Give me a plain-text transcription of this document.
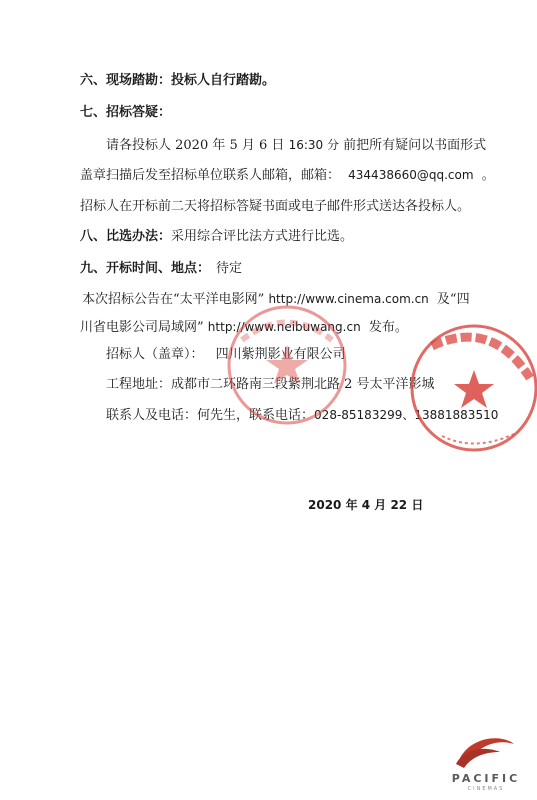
六、现场踏勘：投标人自行踏勘。
七、招标答疑：
请各投标人 2020 年 5 月 6 日 16:30 分 前把所有疑问以书面形式
盖章扫描后发至招标单位联系人邮箱，邮箱： 434438660@qq.com 。
招标人在开标前二天将招标答疑书面或电子邮件形式送达各投标人。
八、比选办法：采用综合评比法方式进行比选。
九、开标时间、地点： 待定
本次招标公告在“太平洋电影网” http://www.cinema.com.cn 及“四
川省电影公司局域网” http://www.neibuwang.cn 发布。
招标人（盖章）： 四川紫荆影业有限公司
工程地址：成都市二环路南三段紫荆北路 2 号太平洋影城
联系人及电话：何先生，联系电话：028-85183299、13881883510
2020 年 4 月 22 日
PACIFIC
CINEMAS
